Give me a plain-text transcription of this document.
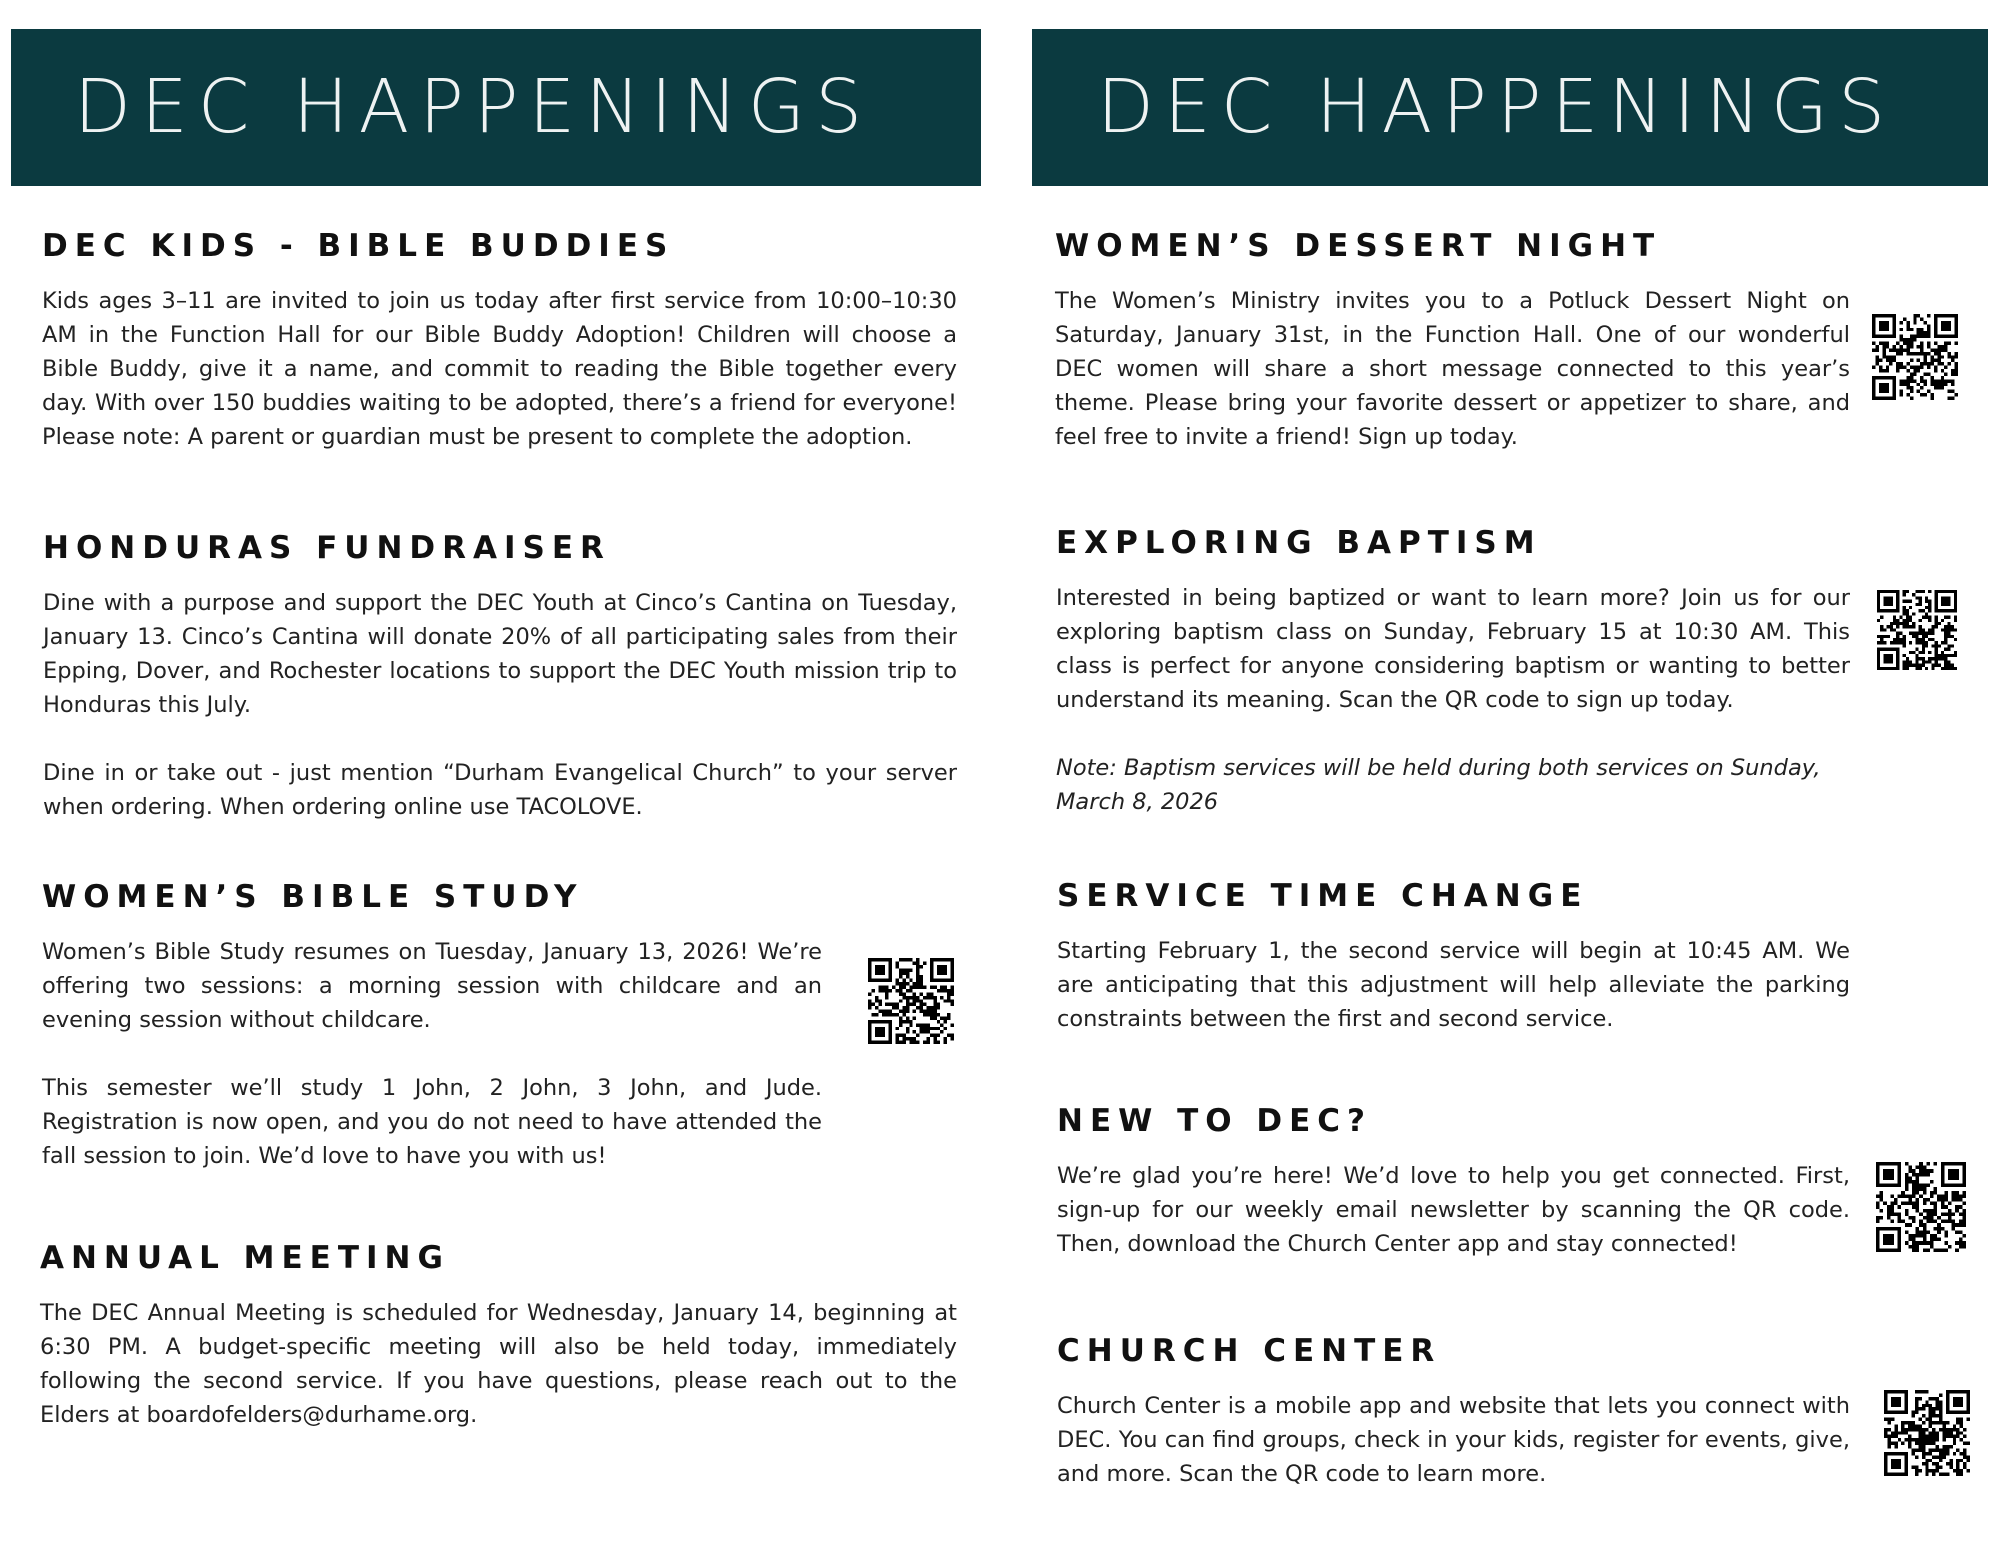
DEC HAPPENINGS	DEC HAPPENINGS
DEC KIDS - BIBLE BUDDIES

Kids ages 3–11 are invited to join us today after first service from 10:00–10:30 AM in the Function Hall for our Bible Buddy Adoption! Children will choose a Bible Buddy, give it a name, and commit to reading the Bible together every day. With over 150 buddies waiting to be adopted, there’s a friend for everyone! Please note: A parent or guardian must be present to complete the adoption.

HONDURAS FUNDRAISER

Dine with a purpose and support the DEC Youth at Cinco’s Cantina on Tuesday, January 13. Cinco’s Cantina will donate 20% of all participating sales from their Epping, Dover, and Rochester locations to support the DEC Youth mission trip to Honduras this July.

Dine in or take out - just mention “Durham Evangelical Church” to your server when ordering. When ordering online use TACOLOVE.

WOMEN’S BIBLE STUDY

Women’s Bible Study resumes on Tuesday, January 13, 2026! We’re offering two sessions: a morning session with childcare and an evening session without childcare.

This semester we’ll study 1 John, 2 John, 3 John, and Jude. Registration is now open, and you do not need to have attended the fall session to join. We’d love to have you with us!

ANNUAL MEETING

The DEC Annual Meeting is scheduled for Wednesday, January 14, beginning at 6:30 PM. A budget-specific meeting will also be held today, immediately following the second service. If you have questions, please reach out to the Elders at boardofelders@durhame.org.

WOMEN’S DESSERT NIGHT

The Women’s Ministry invites you to a Potluck Dessert Night on Saturday, January 31st, in the Function Hall. One of our wonderful DEC women will share a short message connected to this year’s theme. Please bring your favorite dessert or appetizer to share, and feel free to invite a friend! Sign up today.

EXPLORING BAPTISM

Interested in being baptized or want to learn more? Join us for our exploring baptism class on Sunday, February 15 at 10:30 AM. This class is perfect for anyone considering baptism or wanting to better understand its meaning. Scan the QR code to sign up today.

Note: Baptism services will be held during both services on Sunday, March 8, 2026

SERVICE TIME CHANGE

Starting February 1, the second service will begin at 10:45 AM. We are anticipating that this adjustment will help alleviate the parking constraints between the first and second service.

NEW TO DEC?

We’re glad you’re here! We’d love to help you get connected. First, sign-up for our weekly email newsletter by scanning the QR code. Then, download the Church Center app and stay connected!

CHURCH CENTER

Church Center is a mobile app and website that lets you connect with DEC. You can find groups, check in your kids, register for events, give, and more. Scan the QR code to learn more.
